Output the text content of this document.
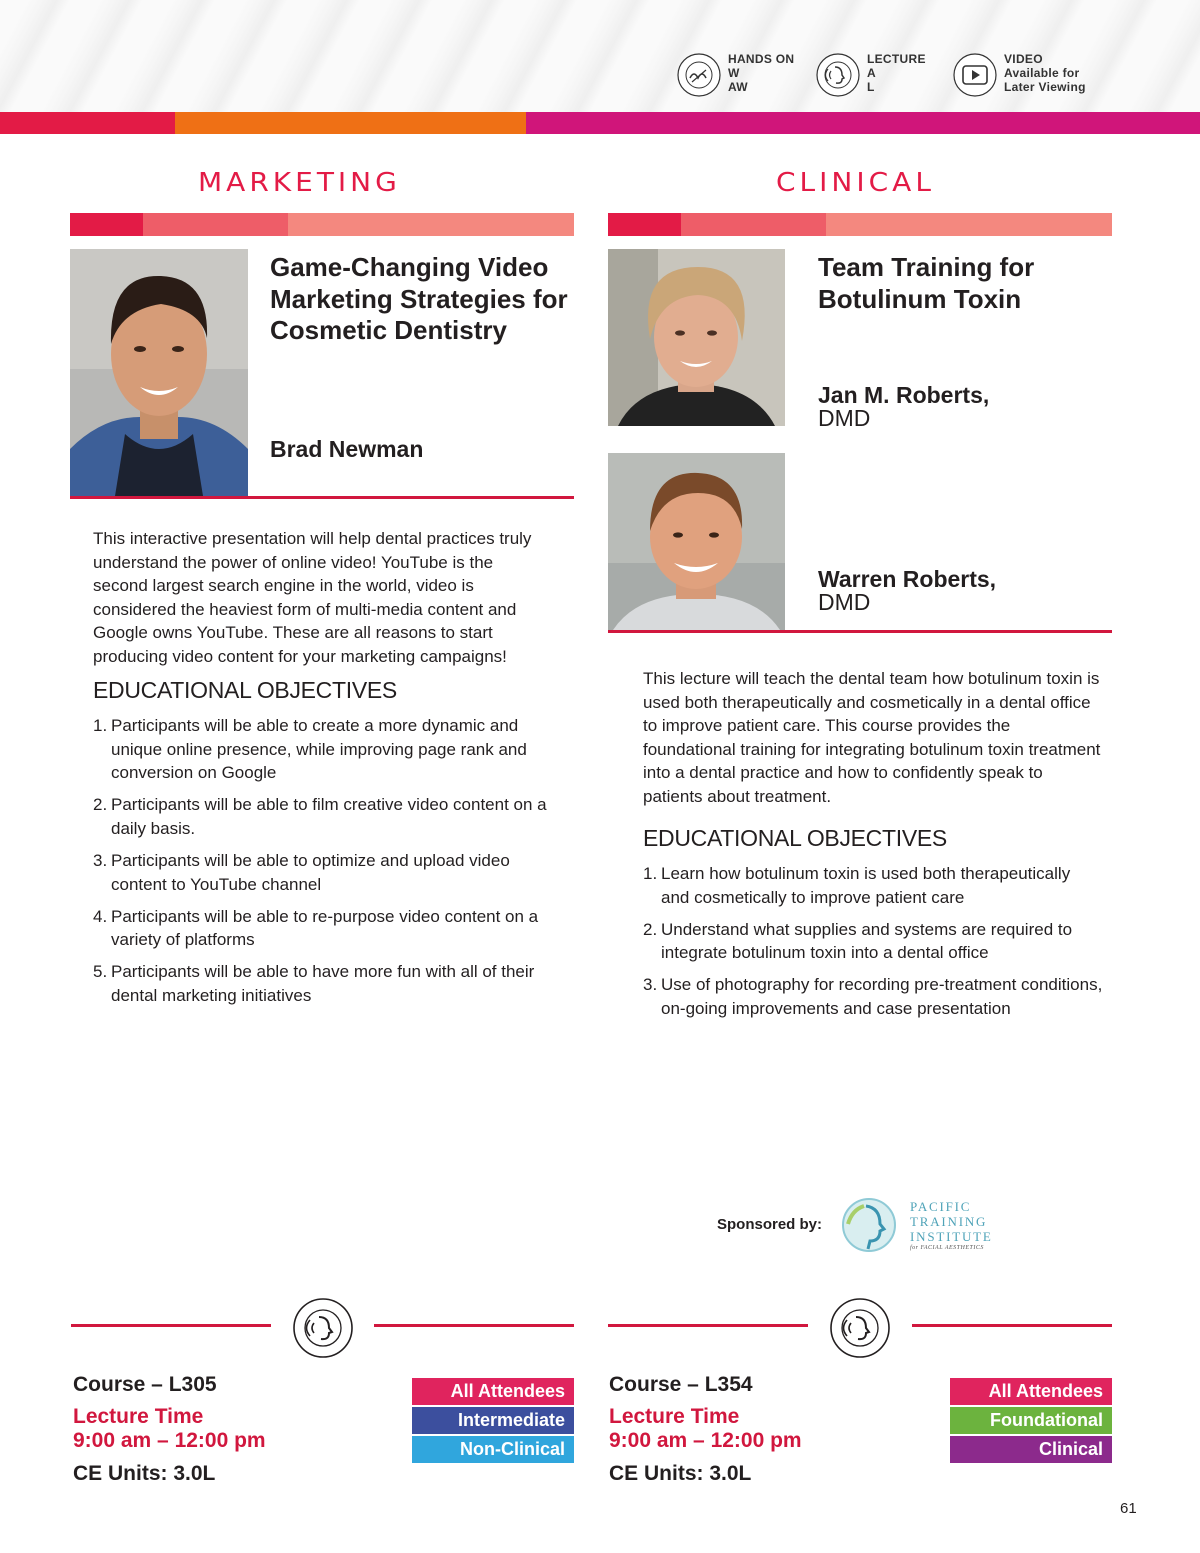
HANDS ON
W
AW
LECTURE
A
L
VIDEO
Available for
Later Viewing
MARKETING
Game-Changing Video Marketing Strategies for Cosmetic Dentistry
Brad Newman
This interactive presentation will help dental practices truly understand the power of online video! YouTube is the second largest search engine in the world, video is considered the heaviest form of multi-media content and Google owns YouTube. These are all reasons to start producing video content for your marketing campaigns!
EDUCATIONAL OBJECTIVES
1. Participants will be able to create a more dynamic and unique online presence, while improving page rank and conversion on Google
2. Participants will be able to film creative video content on a daily basis.
3. Participants will be able to optimize and upload video content to YouTube channel
4. Participants will be able to re-purpose video content on a variety of platforms
5. Participants will be able to have more fun with all of their dental marketing initiatives
CLINICAL
Team Training for Botulinum Toxin
Jan M. Roberts,
DMD
Warren Roberts,
DMD
This lecture will teach the dental team how botulinum toxin is used both therapeutically and cosmetically in a dental office to improve patient care. This course provides the foundational training for integrating botulinum toxin treatment into a dental practice and how to confidently speak to patients about treatment.
EDUCATIONAL OBJECTIVES
1. Learn how botulinum toxin is used both therapeutically and cosmetically to improve patient care
2. Understand what supplies and systems are required to integrate botulinum toxin into a dental office
3. Use of photography for recording pre-treatment conditions, on-going improvements and case presentation
Sponsored by:
PACIFIC
TRAINING
INSTITUTE
for FACIAL AESTHETICS
Course – L305
Lecture Time
9:00 am – 12:00 pm
CE Units: 3.0L
All Attendees
Intermediate
Non-Clinical
Course – L354
Lecture Time
9:00 am – 12:00 pm
CE Units: 3.0L
All Attendees
Foundational
Clinical
61
